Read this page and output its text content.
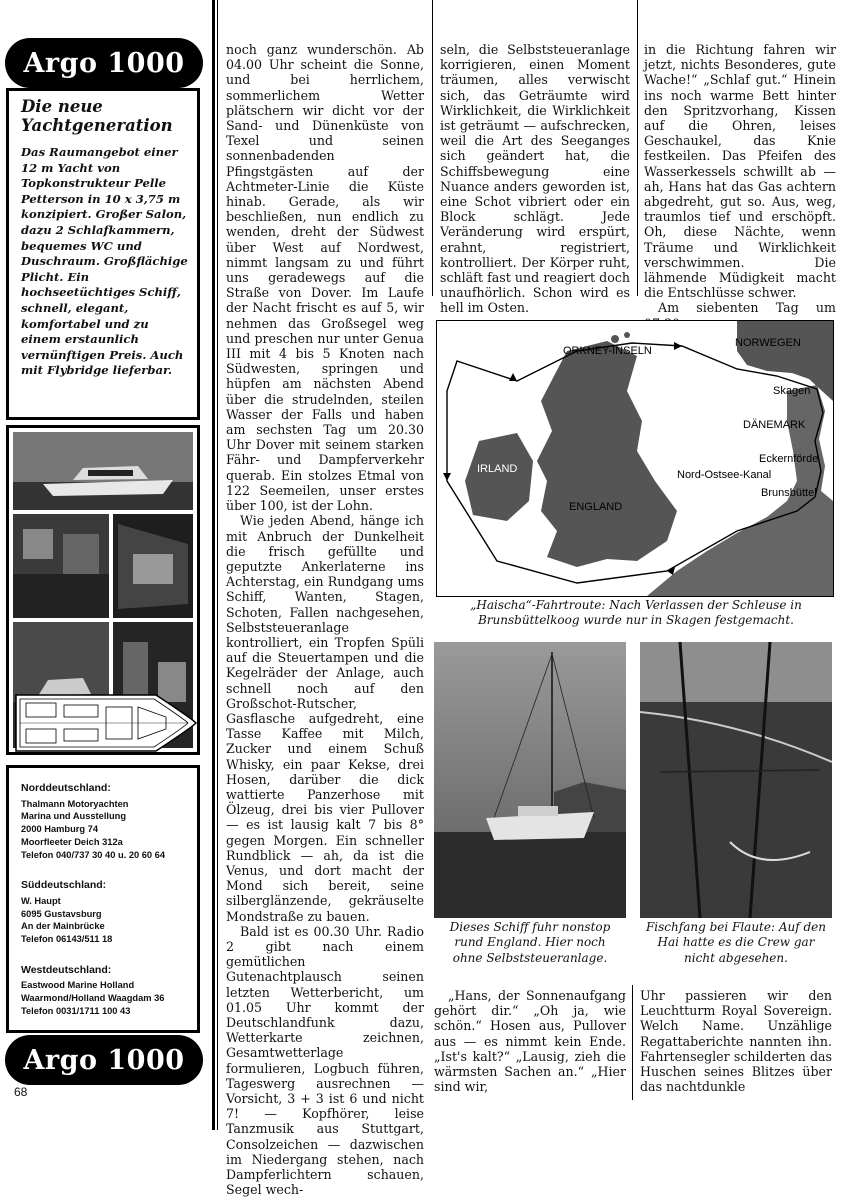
Argo 1000
Die neue Yachtgeneration
Das Raumangebot einer 12 m Yacht von Topkonstrukteur Pelle Petterson in 10 x 3,75 m konzipiert. Großer Salon, dazu 2 Schlafkammern, bequemes WC und Duschraum. Großflächige Plicht. Ein hochseetüchtiges Schiff, schnell, elegant, komfortabel und zu einem erstaunlich vernünftigen Preis. Auch mit Flybridge lieferbar.
Norddeutschland:
Thalmann Motoryachten
Marina und Ausstellung
2000 Hamburg 74
Moorfleeter Deich 312a
Telefon 040/737 30 40 u. 20 60 64
Süddeutschland:
W. Haupt
6095 Gustavsburg
An der Mainbrücke
Telefon 06143/511 18
Westdeutschland:
Eastwood Marine Holland
Waarmond/Holland Waagdam 36
Telefon 0031/1711 100 43
Argo 1000
68

noch ganz wunderschön. Ab 04.00 Uhr scheint die Sonne, und bei herrlichem, sommerlichem Wetter plätschern wir dicht vor der Sand- und Dünenküste von Texel und seinen sonnenbadenden Pfingstgästen auf der Achtmeter-Linie die Küste hinab. Gerade, als wir beschließen, nun endlich zu wenden, dreht der Südwest über West auf Nordwest, nimmt langsam zu und führt uns geradewegs auf die Straße von Dover. Im Laufe der Nacht frischt es auf 5, wir nehmen das Großsegel weg und preschen nur unter Genua III mit 4 bis 5 Knoten nach Südwesten, springen und hüpfen am nächsten Abend über die strudelnden, steilen Wasser der Falls und haben am sechsten Tag um 20.30 Uhr Dover mit seinem starken Fähr- und Dampferverkehr querab. Ein stolzes Etmal von 122 Seemeilen, unser erstes über 100, ist der Lohn.

Wie jeden Abend, hänge ich mit Anbruch der Dunkelheit die frisch gefüllte und geputzte Ankerlaterne ins Achterstag, ein Rundgang ums Schiff, Wanten, Stagen, Schoten, Fallen nachgesehen, Selbststeueranlage kontrolliert, ein Tropfen Spüli auf die Steuertampen und die Kegelräder der Anlage, auch schnell noch auf den Großschot-Rutscher, Gasflasche aufgedreht, eine Tasse Kaffee mit Milch, Zucker und einem Schuß Whisky, ein paar Kekse, drei Hosen, darüber die dick wattierte Panzerhose mit Ölzeug, drei bis vier Pullover — es ist lausig kalt 7 bis 8° gegen Morgen. Ein schneller Rundblick — ah, da ist die Venus, und dort macht der Mond sich bereit, seine silberglänzende, gekräuselte Mondstraße zu bauen.

Bald ist es 00.30 Uhr. Radio 2 gibt nach einem gemütlichen Gutenachtplausch seinen letzten Wetterbericht, um 01.05 Uhr kommt der Deutschlandfunk dazu, Wetterkarte zeichnen, Gesamtwetterlage formulieren, Logbuch führen, Tageswerg ausrechnen — Vorsicht, 3 + 3 ist 6 und nicht 7! — Kopfhörer, leise Tanzmusik aus Stuttgart, Consolzeichen — dazwischen im Niedergang stehen, nach Dampferlichtern schauen, Segel wech-

seln, die Selbststeueranlage korrigieren, einen Moment träumen, alles verwischt sich, das Geträumte wird Wirklichkeit, die Wirklichkeit ist geträumt — aufschrecken, weil die Art des Seeganges sich geändert hat, die Schiffsbewegung eine Nuance anders geworden ist, eine Schot vibriert oder ein Block schlägt. Jede Veränderung wird erspürt, erahnt, registriert, kontrolliert. Der Körper ruht, schläft fast und reagiert doch unaufhörlich. Schon wird es hell im Osten.

in die Richtung fahren wir jetzt, nichts Besonderes, gute Wache!“ „Schlaf gut.“ Hinein ins noch warme Bett hinter den Spritzvorhang, Kissen auf die Ohren, leises Geschaukel, das Knie festkeilen. Das Pfeifen des Wasserkessels schwillt ab — ah, Hans hat das Gas achtern abgedreht, gut so. Aus, weg, traumlos tief und erschöpft. Oh, diese Nächte, wenn Träume und Wirklichkeit verschwimmen. Die lähmende Müdigkeit macht die Entschlüsse schwer.

Am siebenten Tag um

ORKNEY-INSELN
NORWEGEN
Skagen
DÄNEMARK
IRLAND
Eckernförde
Nord-Ostsee-Kanal
ENGLAND
Brunsbüttel
„Haischa“-Fahrtroute: Nach Verlassen der Schleuse in Brunsbüttelkoog wurde nur in Skagen festgemacht.
Dieses Schiff fuhr nonstop rund England. Hier noch ohne Selbststeueranlage.
Fischfang bei Flaute: Auf den Hai hatte es die Crew gar nicht abgesehen.

„Hans, der Sonnenaufgang gehört dir.“ „Oh ja, wie schön.“ Hosen aus, Pullover aus — es nimmt kein Ende. „Ist's kalt?“ „Lausig, zieh die wärmsten Sachen an.“ „Hier sind wir,

Uhr passieren wir den Leuchtturm Royal Sovereign. Welch Name. Unzählige Regattaberichte nannten ihn. Fahrtensegler schilderten das Huschen seines Blitzes über das nachtdunkle
